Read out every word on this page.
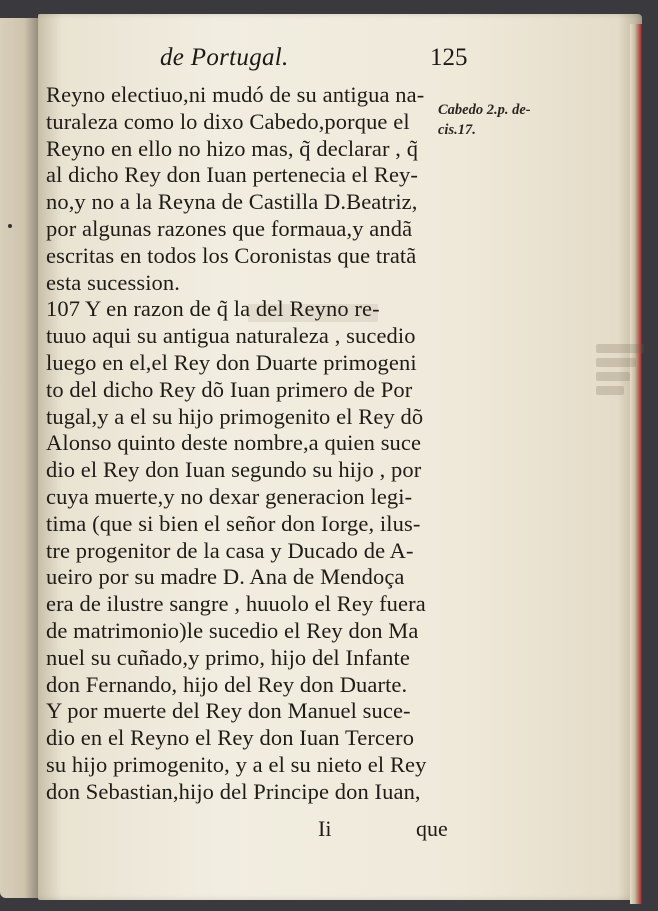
de Portugal.	125
Reyno electiuo,ni mudó de su antigua na-
turaleza como lo dixo Cabedo,porque el
Reyno en ello no hizo mas, q̃ declarar , q̃
al dicho Rey don Iuan pertenecia el Rey-
no,y no a la Reyna de Castilla D.Beatriz,
por algunas razones que formaua,y andã
escritas en todos los Coronistas que tratã
esta sucession.
107 Y en razon de q̃ la del Reyno re-
tuuo aqui su antigua naturaleza , sucedio
luego en el,el Rey don Duarte primogeni
to del dicho Rey dõ Iuan primero de Por
tugal,y a el su hijo primogenito el Rey dõ
Alonso quinto deste nombre,a quien suce
dio el Rey don Iuan segundo su hijo , por
cuya muerte,y no dexar generacion legi-
tima (que si bien el señor don Iorge, ilus-
tre progenitor de la casa y Ducado de A-
ueiro por su madre D. Ana de Mendoça
era de ilustre sangre , huuolo el Rey fuera
de matrimonio)le sucedio el Rey don Ma
nuel su cuñado,y primo, hijo del Infante
don Fernando, hijo del Rey don Duarte.
Y por muerte del Rey don Manuel suce-
dio en el Reyno el Rey don Iuan Tercero
su hijo primogenito, y a el su nieto el Rey
don Sebastian,hijo del Principe don Iuan,
Cabedo 2.p. de-
cis.17.
Ii	que
